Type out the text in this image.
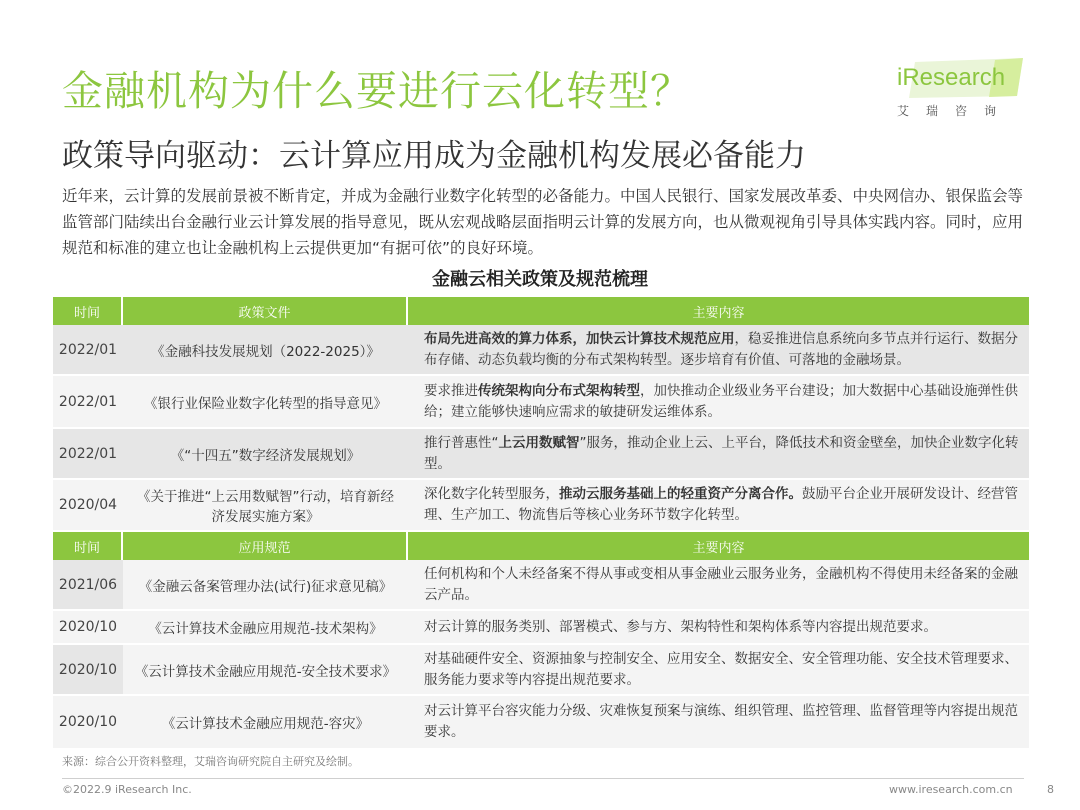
金融机构为什么要进行云化转型？
政策导向驱动：云计算应用成为金融机构发展必备能力
iResearch
艾瑞咨询
近年来，云计算的发展前景被不断肯定，并成为金融行业数字化转型的必备能力。中国人民银行、国家发展改革委、中央网信办、银保监会等监管部门陆续出台金融行业云计算发展的指导意见，既从宏观战略层面指明云计算的发展方向，也从微观视角引导具体实践内容。同时，应用规范和标准的建立也让金融机构上云提供更加“有据可依”的良好环境。
金融云相关政策及规范梳理
时间	政策文件	主要内容
2022/01	《金融科技发展规划（2022-2025）》	布局先进高效的算力体系，加快云计算技术规范应用，稳妥推进信息系统向多节点并行运行、数据分布存储、动态负载均衡的分布式架构转型。逐步培育有价值、可落地的金融场景。
2022/01	《银行业保险业数字化转型的指导意见》	要求推进传统架构向分布式架构转型，加快推动企业级业务平台建设；加大数据中心基础设施弹性供给；建立能够快速响应需求的敏捷研发运维体系。
2022/01	《“十四五”数字经济发展规划》	推行普惠性“上云用数赋智”服务，推动企业上云、上平台，降低技术和资金壁垒，加快企业数字化转型。
2020/04	《关于推进“上云用数赋智”行动，培育新经济发展实施方案》	深化数字化转型服务，推动云服务基础上的轻重资产分离合作。鼓励平台企业开展研发设计、经营管理、生产加工、物流售后等核心业务环节数字化转型。
时间	应用规范	主要内容
2021/06	《金融云备案管理办法(试行)征求意见稿》	任何机构和个人未经备案不得从事或变相从事金融业云服务业务，金融机构不得使用未经备案的金融云产品。
2020/10	《云计算技术金融应用规范-技术架构》	对云计算的服务类别、部署模式、参与方、架构特性和架构体系等内容提出规范要求。
2020/10	《云计算技术金融应用规范-安全技术要求》	对基础硬件安全、资源抽象与控制安全、应用安全、数据安全、安全管理功能、安全技术管理要求、服务能力要求等内容提出规范要求。
2020/10	《云计算技术金融应用规范-容灾》	对云计算平台容灾能力分级、灾难恢复预案与演练、组织管理、监控管理、监督管理等内容提出规范要求。
来源：综合公开资料整理，艾瑞咨询研究院自主研究及绘制。
©2022.9 iResearch Inc.	www.iresearch.com.cn	8
